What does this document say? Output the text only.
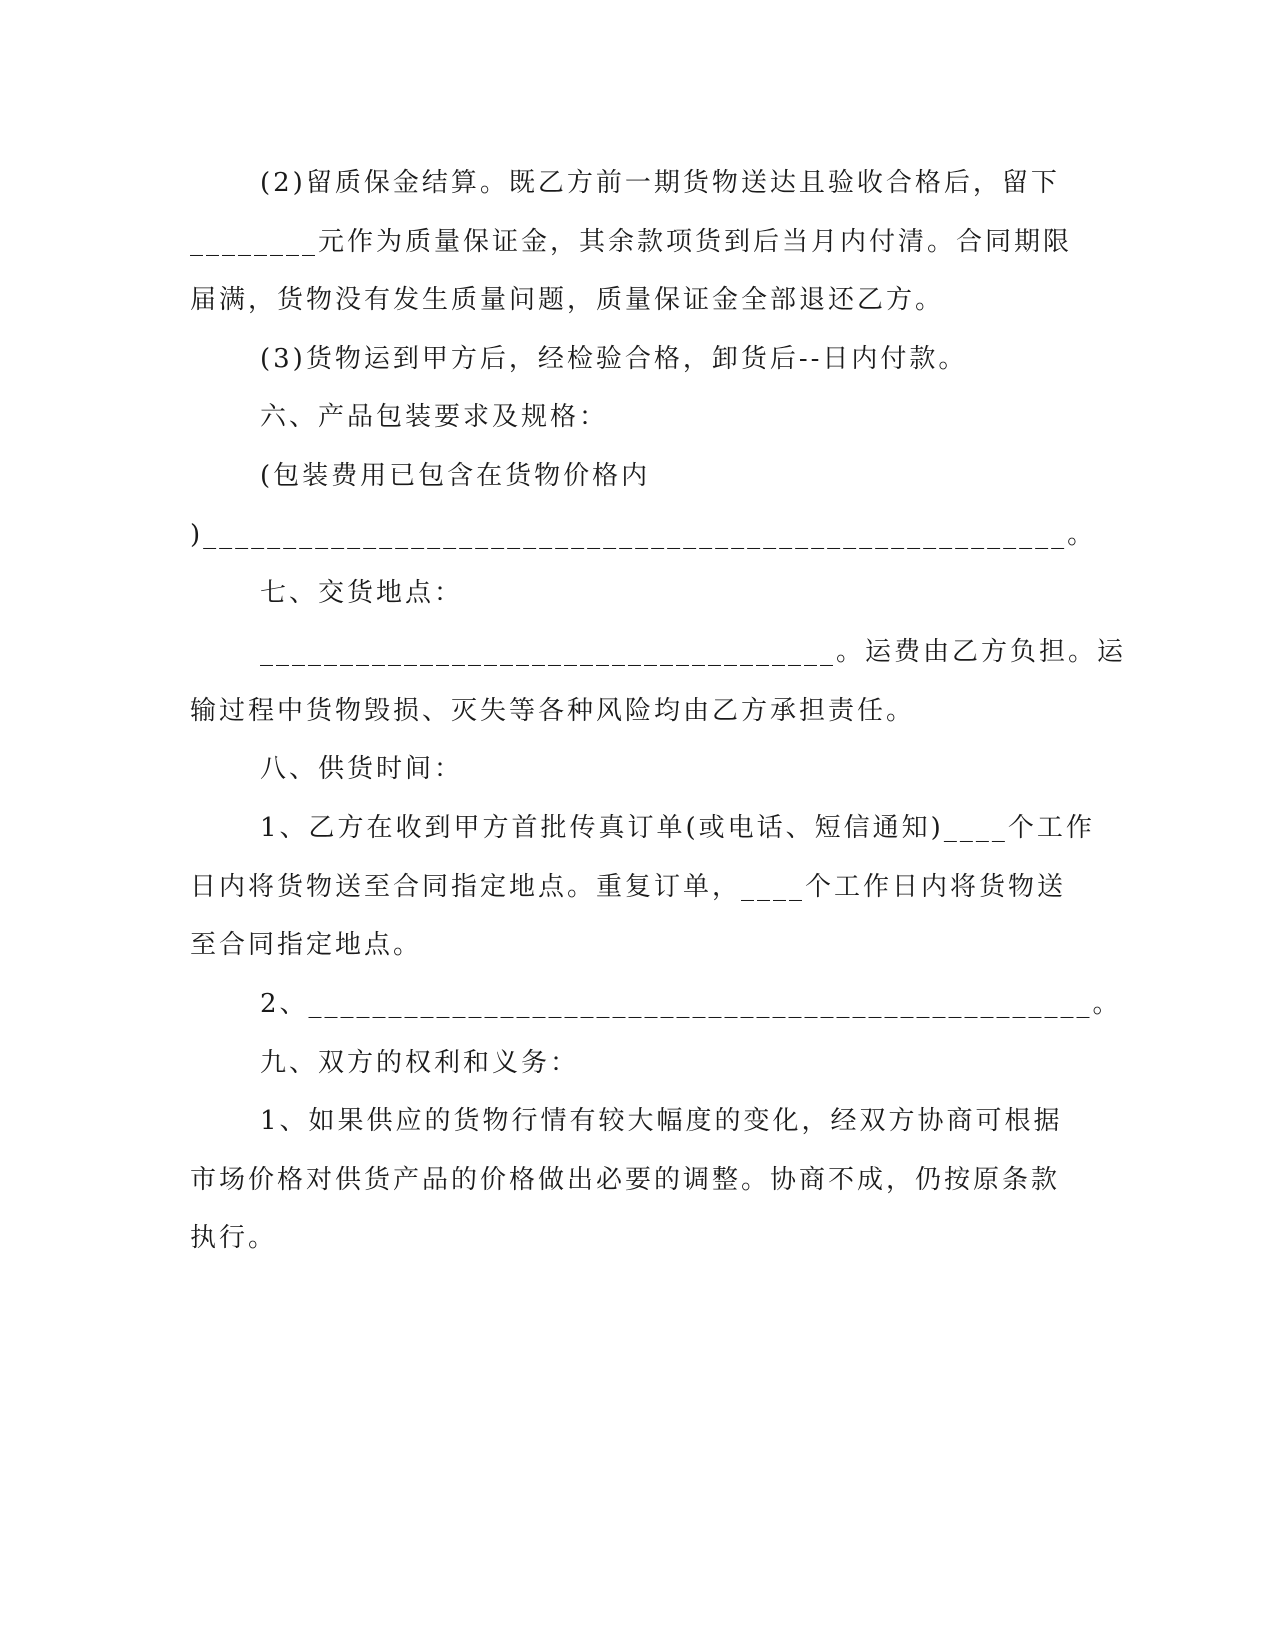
(2)留质保金结算。既乙方前一期货物送达且验收合格后，留下
________元作为质量保证金，其余款项货到后当月内付清。合同期限
届满，货物没有发生质量问题，质量保证金全部退还乙方。
(3)货物运到甲方后，经检验合格，卸货后--日内付款。
六、产品包装要求及规格：
(包装费用已包含在货物价格内
)______________________________________________________。
七、交货地点：
____________________________________。运费由乙方负担。运
输过程中货物毁损、灭失等各种风险均由乙方承担责任。
八、供货时间：
1、乙方在收到甲方首批传真订单(或电话、短信通知)____个工作
日内将货物送至合同指定地点。重复订单，____个工作日内将货物送
至合同指定地点。
2、_________________________________________________。
九、双方的权利和义务：
1、如果供应的货物行情有较大幅度的变化，经双方协商可根据
市场价格对供货产品的价格做出必要的调整。协商不成，仍按原条款
执行。
